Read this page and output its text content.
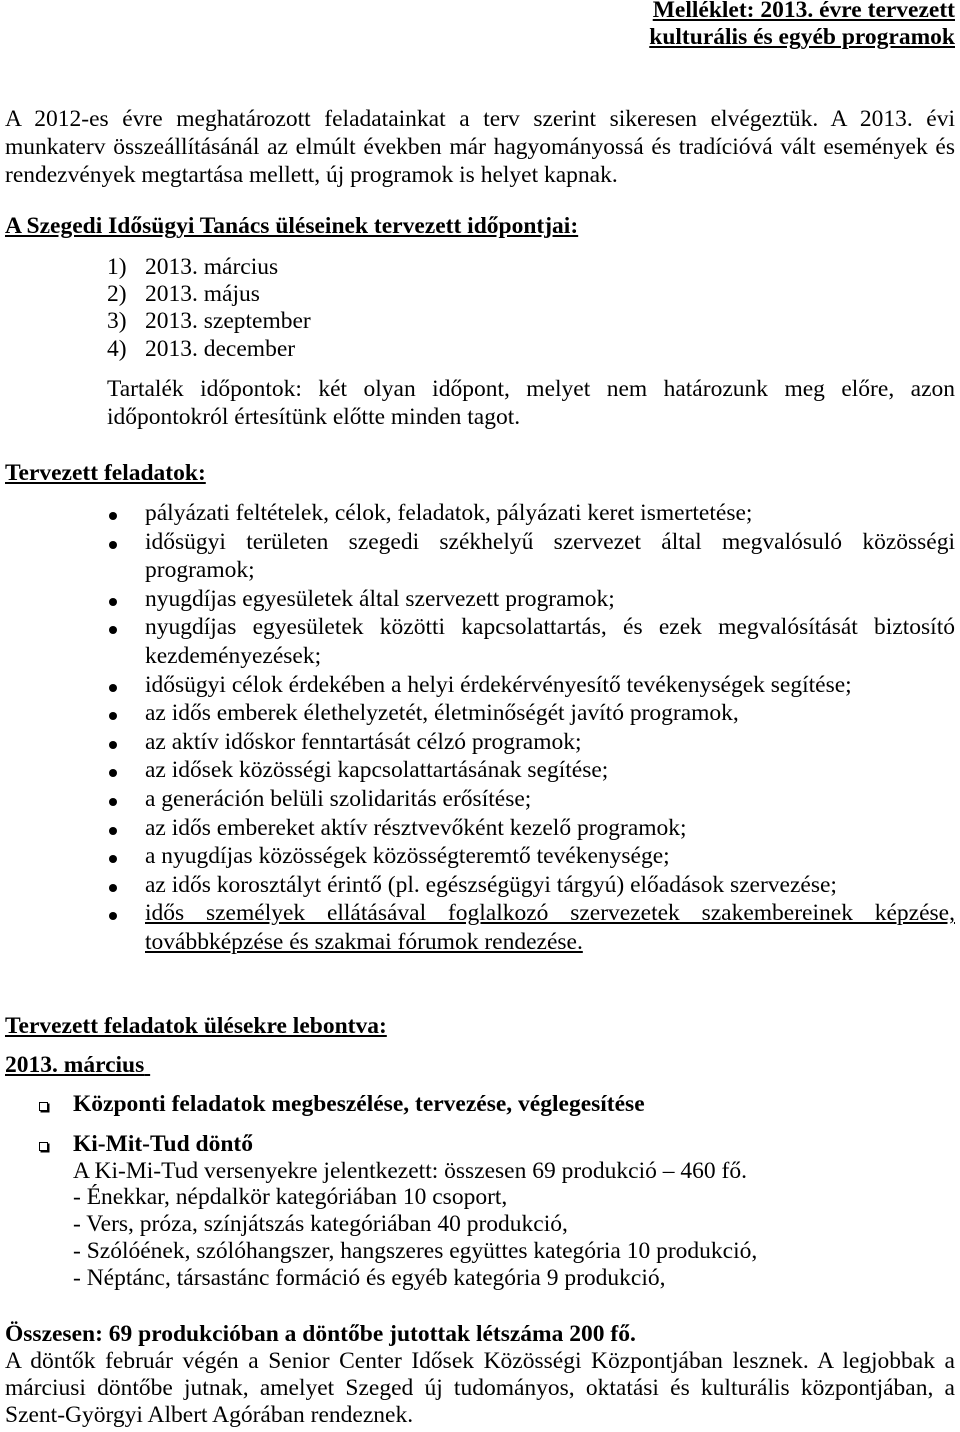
Melléklet: 2013. évre tervezett
kulturális és egyéb programok
A 2012-es évre meghatározott feladatainkat a terv szerint sikeresen elvégeztük. A 2013. évi munkaterv összeállításánál az elmúlt években már hagyományossá és tradícióvá vált események és rendezvények megtartása mellett, új programok is helyet kapnak.
A Szegedi Idősügyi Tanács üléseinek tervezett időpontjai:
1) 2013. március
2) 2013. május
3) 2013. szeptember
4) 2013. december
Tartalék időpontok: két olyan időpont, melyet nem határozunk meg előre, azon időpontokról értesítünk előtte minden tagot.
Tervezett feladatok:
pályázati feltételek, célok, feladatok, pályázati keret ismertetése;
idősügyi területen szegedi székhelyű szervezet által megvalósuló közösségi programok;
nyugdíjas egyesületek által szervezett programok;
nyugdíjas egyesületek közötti kapcsolattartás, és ezek megvalósítását biztosító kezdeményezések;
idősügyi célok érdekében a helyi érdekérvényesítő tevékenységek segítése;
az idős emberek élethelyzetét, életminőségét javító programok,
az aktív időskor fenntartását célzó programok;
az idősek közösségi kapcsolattartásának segítése;
a generáción belüli szolidaritás erősítése;
az idős embereket aktív résztvevőként kezelő programok;
a nyugdíjas közösségek közösségteremtő tevékenysége;
az idős korosztályt érintő (pl. egészségügyi tárgyú) előadások szervezése;
idős személyek ellátásával foglalkozó szervezetek szakembereinek képzése, továbbképzése és szakmai fórumok rendezése.
Tervezett feladatok ülésekre lebontva:
2013. március
Központi feladatok megbeszélése, tervezése, véglegesítése
Ki-Mit-Tud döntő
A Ki-Mi-Tud versenyekre jelentkezett: összesen 69 produkció – 460 fő.
- Énekkar, népdalkör kategóriában 10 csoport,
- Vers, próza, színjátszás kategóriában 40 produkció,
- Szólóének, szólóhangszer, hangszeres együttes kategória 10 produkció,
- Néptánc, társastánc formáció és egyéb kategória 9 produkció,
Összesen: 69 produkcióban a döntőbe jutottak létszáma 200 fő.
A döntők február végén a Senior Center Idősek Közösségi Központjában lesznek. A legjobbak a márciusi döntőbe jutnak, amelyet Szeged új tudományos, oktatási és kulturális központjában, a Szent-Györgyi Albert Agórában rendeznek.
